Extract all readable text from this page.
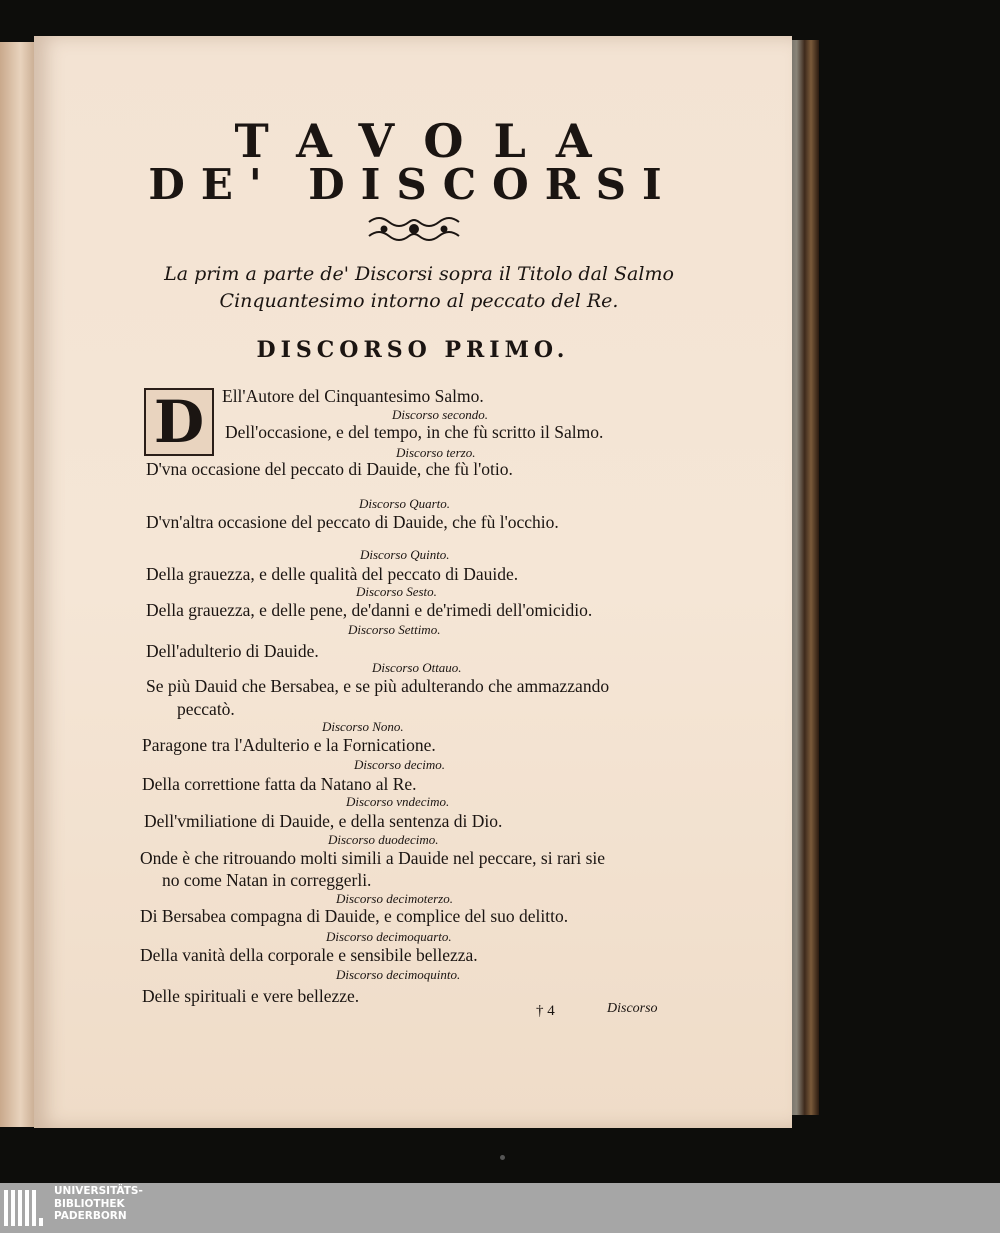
TAVOLA
DE' DISCORSI
La prim a parte de' Discorsi sopra il Titolo dal Salmo Cinquantesimo intorno al peccato del Re.
DISCORSO PRIMO.
D	Ell'Autore del Cinquantesimo Salmo.
Discorso secondo.
Dell'occasione, e del tempo, in che fù scritto il Salmo.
Discorso terzo.
D'vna occasione del peccato di Dauide, che fù l'otio.
Discorso Quarto.
D'vn'altra occasione del peccato di Dauide, che fù l'occhio.
Discorso Quinto.
Della grauezza, e delle qualità del peccato di Dauide.
Discorso Sesto.
Della grauezza, e delle pene, de'danni e de'rimedi dell'omicidio.
Discorso Settimo.
Dell'adulterio di Dauide.
Discorso Ottauo.
Se più Dauid che Bersabea, e se più adulterando che ammazzando
peccatò.
Discorso Nono.
Paragone tra l'Adulterio e la Fornicatione.
Discorso decimo.
Della correttione fatta da Natano al Re.
Discorso vndecimo.
Dell'vmiliatione di Dauide, e della sentenza di Dio.
Discorso duodecimo.
Onde è che ritrouando molti simili a Dauide nel peccare, si rari sie
no come Natan in correggerli.
Discorso decimoterzo.
Di Bersabea compagna di Dauide, e complice del suo delitto.
Discorso decimoquarto.
Della vanità della corporale e sensibile bellezza.
Discorso decimoquinto.
Delle spirituali e vere bellezze.
† 4	Discorso
UNIVERSITÄTS-
BIBLIOTHEK
PADERBORN
